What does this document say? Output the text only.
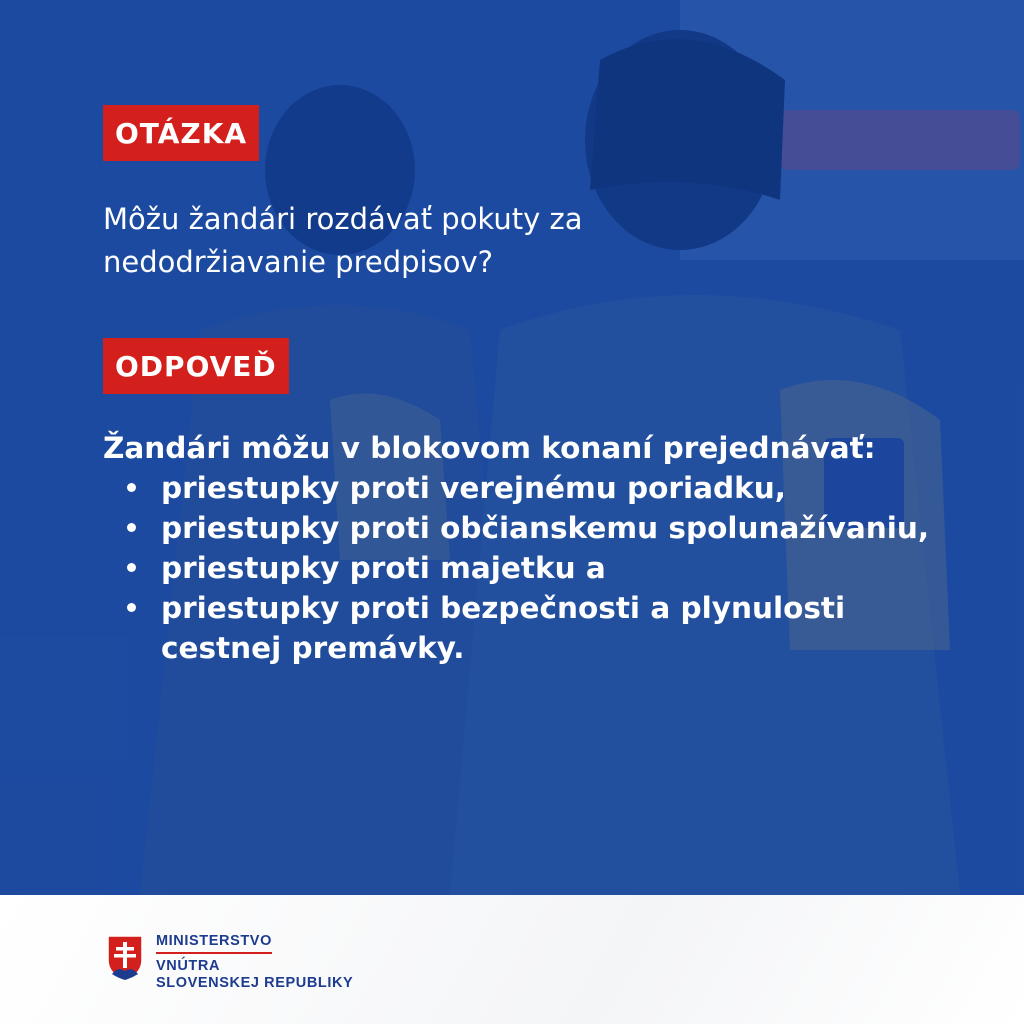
OTÁZKA
Môžu žandári rozdávať pokuty za nedodržiavanie predpisov?
ODPOVEĎ
Žandári môžu v blokovom konaní prejednávať:
priestupky proti verejnému poriadku,
priestupky proti občianskemu spolunažívaniu,
priestupky proti majetku a
priestupky proti bezpečnosti a plynulosti cestnej premávky.
MINISTERSTVO
VNÚTRA
SLOVENSKEJ REPUBLIKY
